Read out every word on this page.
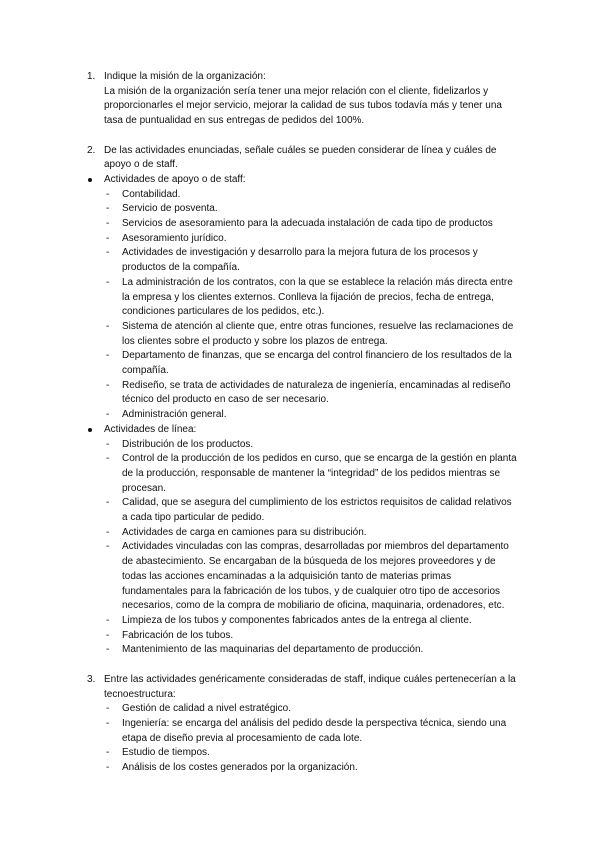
1. Indique la misión de la organización:
La misión de la organización sería tener una mejor relación con el cliente, fidelizarlos y proporcionarles el mejor servicio, mejorar la calidad de sus tubos todavía más y tener una tasa de puntualidad en sus entregas de pedidos del 100%.
2. De las actividades enunciadas, señale cuáles se pueden considerar de línea y cuáles de apoyo o de staff.
Actividades de apoyo o de staff:
- Contabilidad.
- Servicio de posventa.
- Servicios de asesoramiento para la adecuada instalación de cada tipo de productos
- Asesoramiento jurídico.
- Actividades de investigación y desarrollo para la mejora futura de los procesos y productos de la compañía.
- La administración de los contratos, con la que se establece la relación más directa entre la empresa y los clientes externos. Conlleva la fijación de precios, fecha de entrega, condiciones particulares de los pedidos, etc.).
- Sistema de atención al cliente que, entre otras funciones, resuelve las reclamaciones de los clientes sobre el producto y sobre los plazos de entrega.
- Departamento de finanzas, que se encarga del control financiero de los resultados de la compañía.
- Rediseño, se trata de actividades de naturaleza de ingeniería, encaminadas al rediseño técnico del producto en caso de ser necesario.
- Administración general.
Actividades de línea:
- Distribución de los productos.
- Control de la producción de los pedidos en curso, que se encarga de la gestión en planta de la producción, responsable de mantener la “integridad” de los pedidos mientras se procesan.
- Calidad, que se asegura del cumplimiento de los estrictos requisitos de calidad relativos a cada tipo particular de pedido.
- Actividades de carga en camiones para su distribución.
- Actividades vinculadas con las compras, desarrolladas por miembros del departamento de abastecimiento. Se encargaban de la búsqueda de los mejores proveedores y de todas las acciones encaminadas a la adquisición tanto de materias primas fundamentales para la fabricación de los tubos, y de cualquier otro tipo de accesorios necesarios, como de la compra de mobiliario de oficina, maquinaria, ordenadores, etc.
- Limpieza de los tubos y componentes fabricados antes de la entrega al cliente.
- Fabricación de los tubos.
- Mantenimiento de las maquinarias del departamento de producción.
3. Entre las actividades genéricamente consideradas de staff, indique cuáles pertenecerían a la tecnoestructura:
- Gestión de calidad a nivel estratégico.
- Ingeniería: se encarga del análisis del pedido desde la perspectiva técnica, siendo una etapa de diseño previa al procesamiento de cada lote.
- Estudio de tiempos.
- Análisis de los costes generados por la organización.
